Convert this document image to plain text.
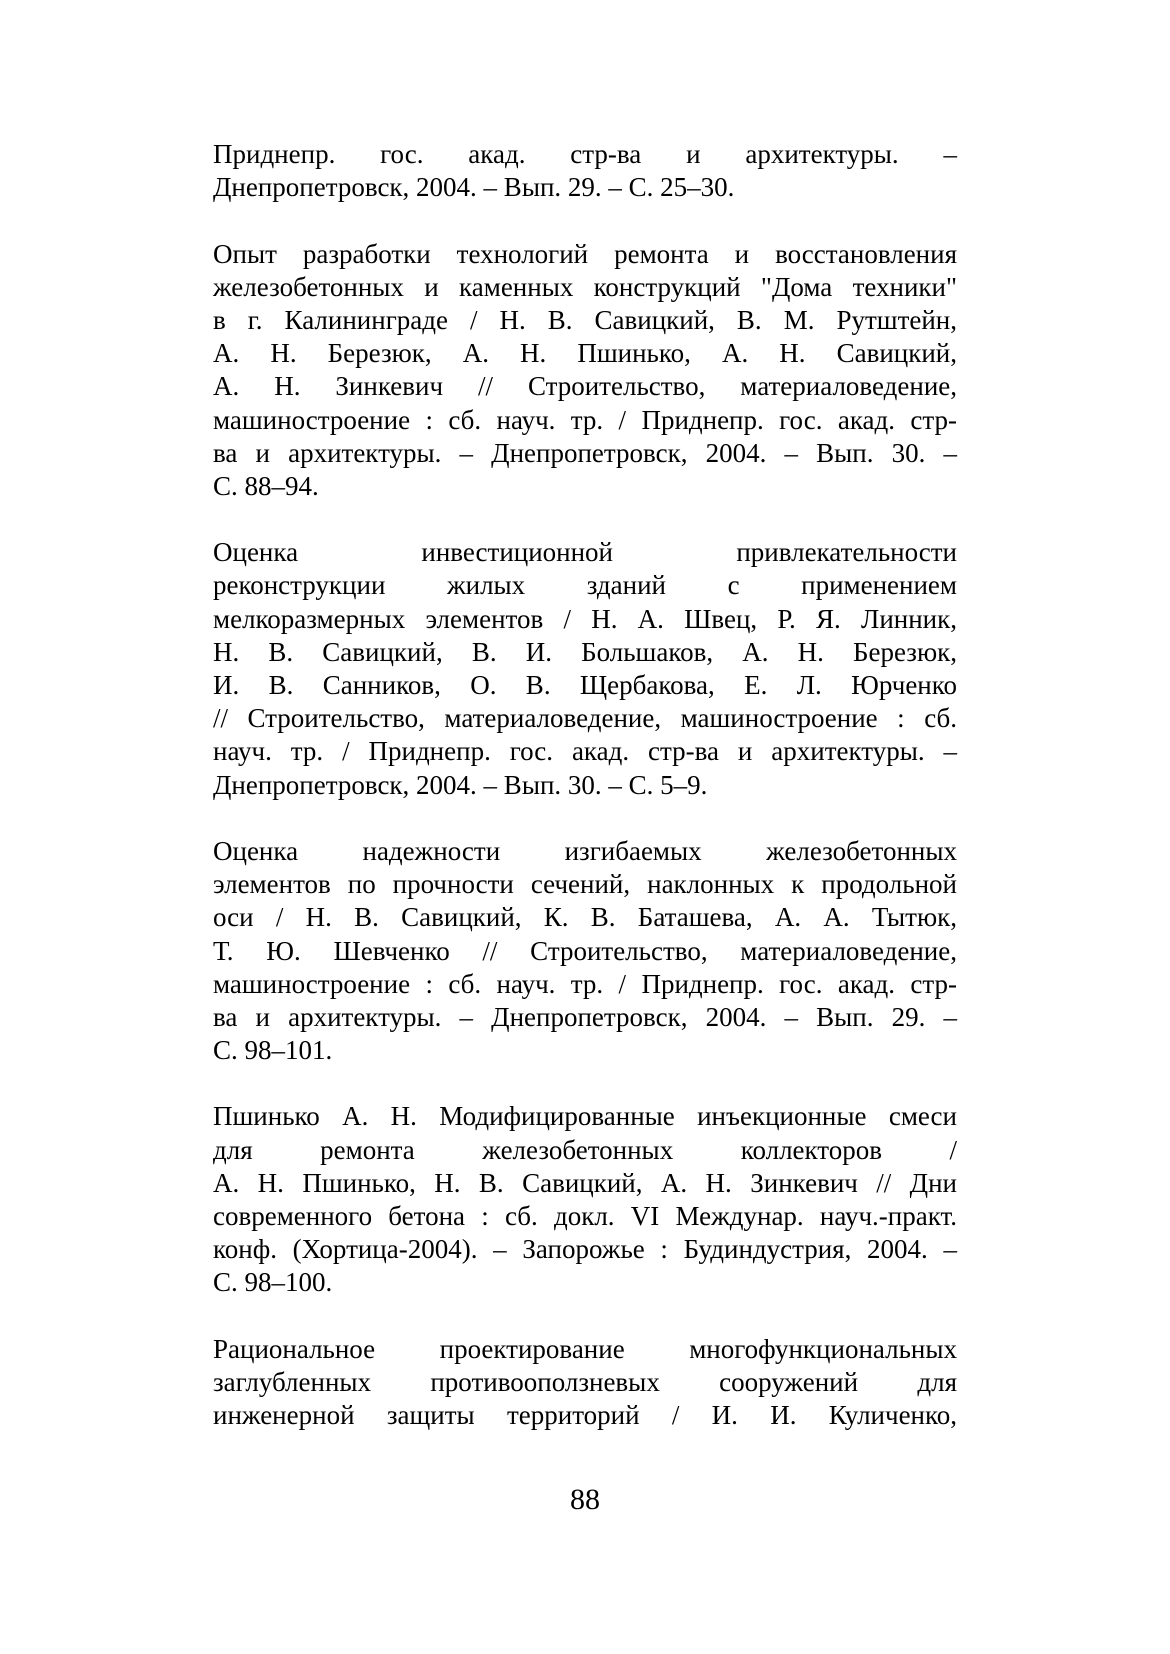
Приднепр. гос. акад. стр-ва и архитектуры. –
Днепропетровск, 2004. – Вып. 29. – С. 25–30.

Опыт разработки технологий ремонта и восстановления
железобетонных и каменных конструкций "Дома техники"
в г. Калининграде / Н. В. Савицкий, В. М. Рутштейн,
А. Н. Березюк, А. Н. Пшинько, А. Н. Савицкий,
А. Н. Зинкевич // Строительство, материаловедение,
машиностроение : сб. науч. тр. / Приднепр. гос. акад. стр-
ва и архитектуры. – Днепропетровск, 2004. – Вып. 30. –
С. 88–94.

Оценка инвестиционной привлекательности
реконструкции жилых зданий с применением
мелкоразмерных элементов / Н. А. Швец, Р. Я. Линник,
Н. В. Савицкий, В. И. Большаков, А. Н. Березюк,
И. В. Санников, О. В. Щербакова, Е. Л. Юрченко
// Строительство, материаловедение, машиностроение : сб.
науч. тр. / Приднепр. гос. акад. стр-ва и архитектуры. –
Днепропетровск, 2004. – Вып. 30. – С. 5–9.

Оценка надежности изгибаемых железобетонных
элементов по прочности сечений, наклонных к продольной
оси / Н. В. Савицкий, К. В. Баташева, А. А. Тытюк,
Т. Ю. Шевченко // Строительство, материаловедение,
машиностроение : сб. науч. тр. / Приднепр. гос. акад. стр-
ва и архитектуры. – Днепропетровск, 2004. – Вып. 29. –
С. 98–101.

Пшинько А. Н. Модифицированные инъекционные смеси
для ремонта железобетонных коллекторов /
А. Н. Пшинько, Н. В. Савицкий, А. Н. Зинкевич // Дни
современного бетона : сб. докл. VI Междунар. науч.-практ.
конф. (Хортица-2004). – Запорожье : Будиндустрия, 2004. –
С. 98–100.

Рациональное проектирование многофункциональных
заглубленных противооползневых сооружений для
инженерной защиты территорий / И. И. Куличенко,

88
